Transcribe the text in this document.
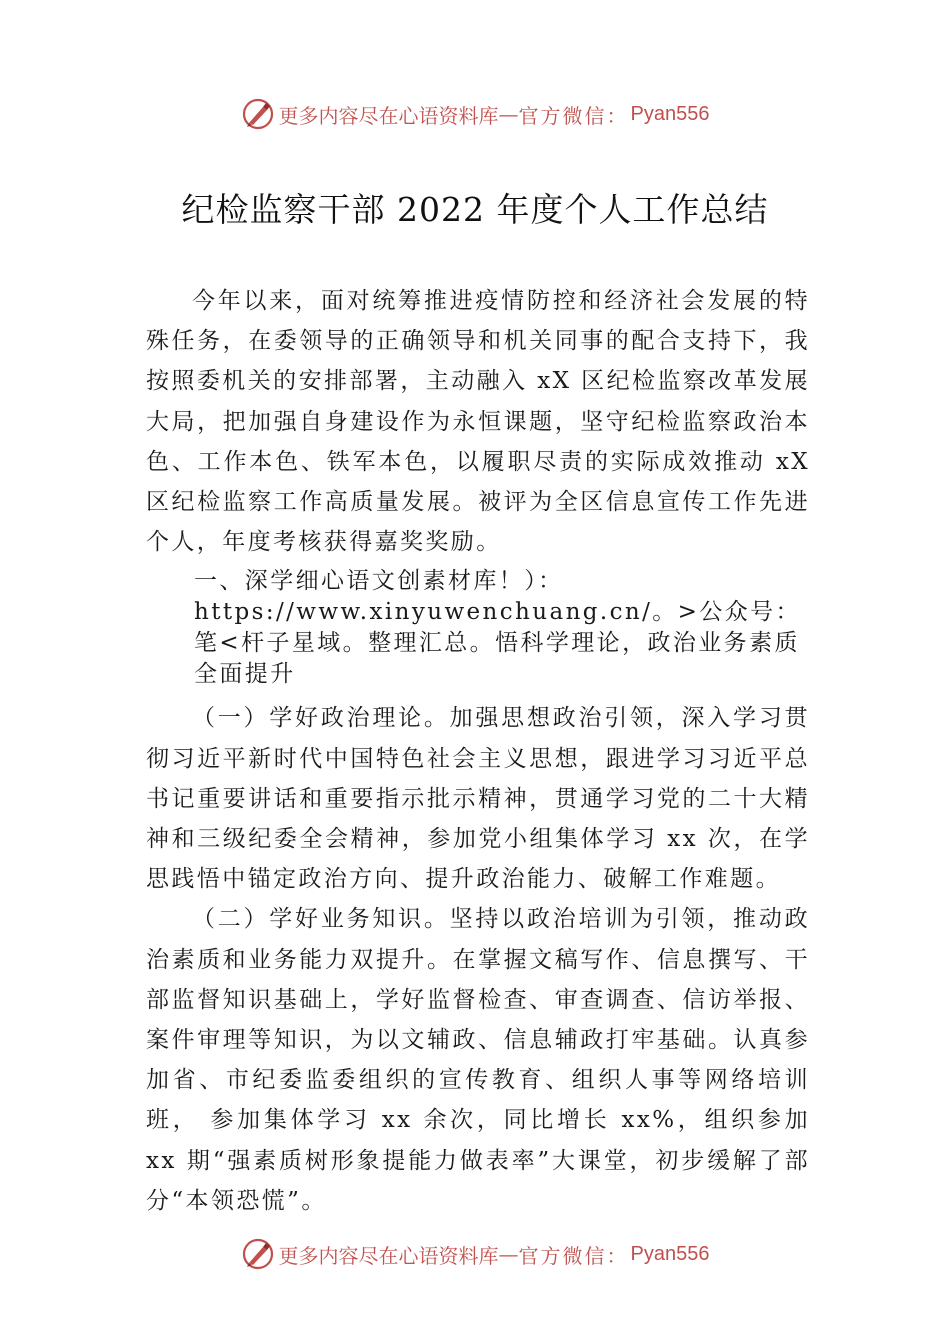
更多内容尽在心语资料库 — 官方微信： Pyan556
纪检监察干部 2022 年度个人工作总结

今年以来，面对统筹推进疫情防控和经济社会发展的特殊任务，在委领导的正确领导和机关同事的配合支持下，我按照委机关的安排部署，主动融入 xX 区纪检监察改革发展大局，把加强自身建设作为永恒课题，坚守纪检监察政治本色、工作本色、铁军本色，以履职尽责的实际成效推动 xX 区纪检监察工作高质量发展。被评为全区信息宣传工作先进个人，年度考核获得嘉奖奖励。

一、深学细心语文创素材库！）：https://www.xinyuwenchuang.cn/。>公众号：笔<杆子星域。整理汇总。悟科学理论，政治业务素质全面提升

（一）学好政治理论。加强思想政治引领，深入学习贯彻习近平新时代中国特色社会主义思想，跟进学习习近平总书记重要讲话和重要指示批示精神，贯通学习党的二十大精神和三级纪委全会精神，参加党小组集体学习 xx 次，在学思践悟中锚定政治方向、提升政治能力、破解工作难题。

（二）学好业务知识。坚持以政治培训为引领，推动政治素质和业务能力双提升。在掌握文稿写作、信息撰写、干部监督知识基础上，学好监督检查、审查调查、信访举报、 案件审理等知识，为以文辅政、信息辅政打牢基础。认真参加省、市纪委监委组织的宣传教育、组织人事等网络培训班， 参加集体学习 xx 余次，同比增长 xx%，组织参加 xx 期“强素质树形象提能力做表率”大课堂，初步缓解了部分“本领恐慌”。

更多内容尽在心语资料库 — 官方微信： Pyan556
